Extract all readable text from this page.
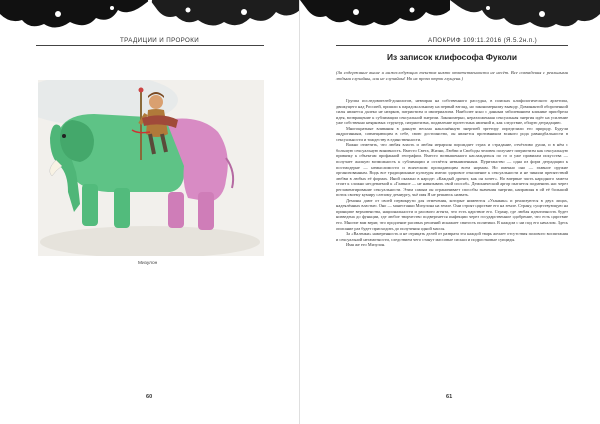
ТРАДИЦИИ И ПРОРОКИ
Мизулон
60
АПОКРИФ 109:11.2016 (Я.5.2н.п.)
Из записок клифософа Фуколи
(За содержание выше и нижеследующих текстов никто ответственности не несёт. Все совпадения с реальными людьми случайны, или не случайны! Но их проза отрок глущена.)

Группа исследователей-донологов, невзирая на собственного рассудка, в поисках клифологического архетипа, движущего над Россией, пришли к парадоксальному на первый взгляд, но закономерному выводу. Доминантой обороченной силы является далеко не неарков, патриотизм и империализм. Наиболее ясно с данным заболеванием клинике приобрела идея, возвращение к сублимации сексуальной энергии. Закономерно, неразложенная сексуальная энергия идёт на усиление уже собственно неярковых структур, патриотизма, подавление протестных явлений и, как следствие, общую деградацию.

Многократные вливания в данную весьма наклонённую энергией эргетору определили его природу. Будучи андрогинным, совмещающим в себе, свою достоинство, он является противником всякого рода равнодбальности в сексуальности и тождеству в единственности.

Важно отметить, что любая власть и любая иерархия порождает страх и страдание, отчётливо души, и в нём с большую сексуальную виновность. Вместо Света, Жизни, Любви и Свободы человек получает патриотизм как сексуальную привязку к объектам профанной географии. Вместо возвышенного наслаждаться по го и уже правилам искусства — получает жалкую возможность к сублимации и остаётся невыявленным. Пуританство — одна из форм деградации к постмодерне — немыслимости и всяческим пропадающим всем нормам. Но именно оно — главное оружие организованным. Видь все традиционные культуры имели здоровое отношение к сексуальности и не чинили препятствий любви в любых её формах. Иной оказано в народе: «Каждый дрочит, как он хочет». Но впервые часть народного замета стоит к сложно несдеваемой к «Главное — не навязывать свой способ». Демонический аргор пытается подменить нас через регламентирование сексуальности. Этим самым он ограничивает способы значения энергии, направляя в ой её больший поток своему кумиру слепому демиургу, чьё имя Я не решаюсь назвать.

Демоны дают от своей первокрути для отмечения, которые нимеются «Уханкин» и реализуются в двух лицах, надеялённых властью. Оно — манестанки Мизулона на земле. Они строят царствие его на земле. Страну, существующую на принципе верховенства, национальности и расового агента, что есть царствие его. Страну, где любая идентичность будет низведена до функции, где любое творчество подвергнется инфекции через государственное одобрение, что есть царствие его. Многие вам верят, что продление расовых решений искажает святость политики. В каждом с ни под его началом. Здесь описание раз будет присходить до получения одной массы.

За «Валенки» намеренность и не отрицать делей от разврата эта каждой тварь желает отсутствия полового воспитания и сексуальной негамотности, следствием чего станут массовые сиськи и подростковые суициды.

Имя же его Мизулон.

61
